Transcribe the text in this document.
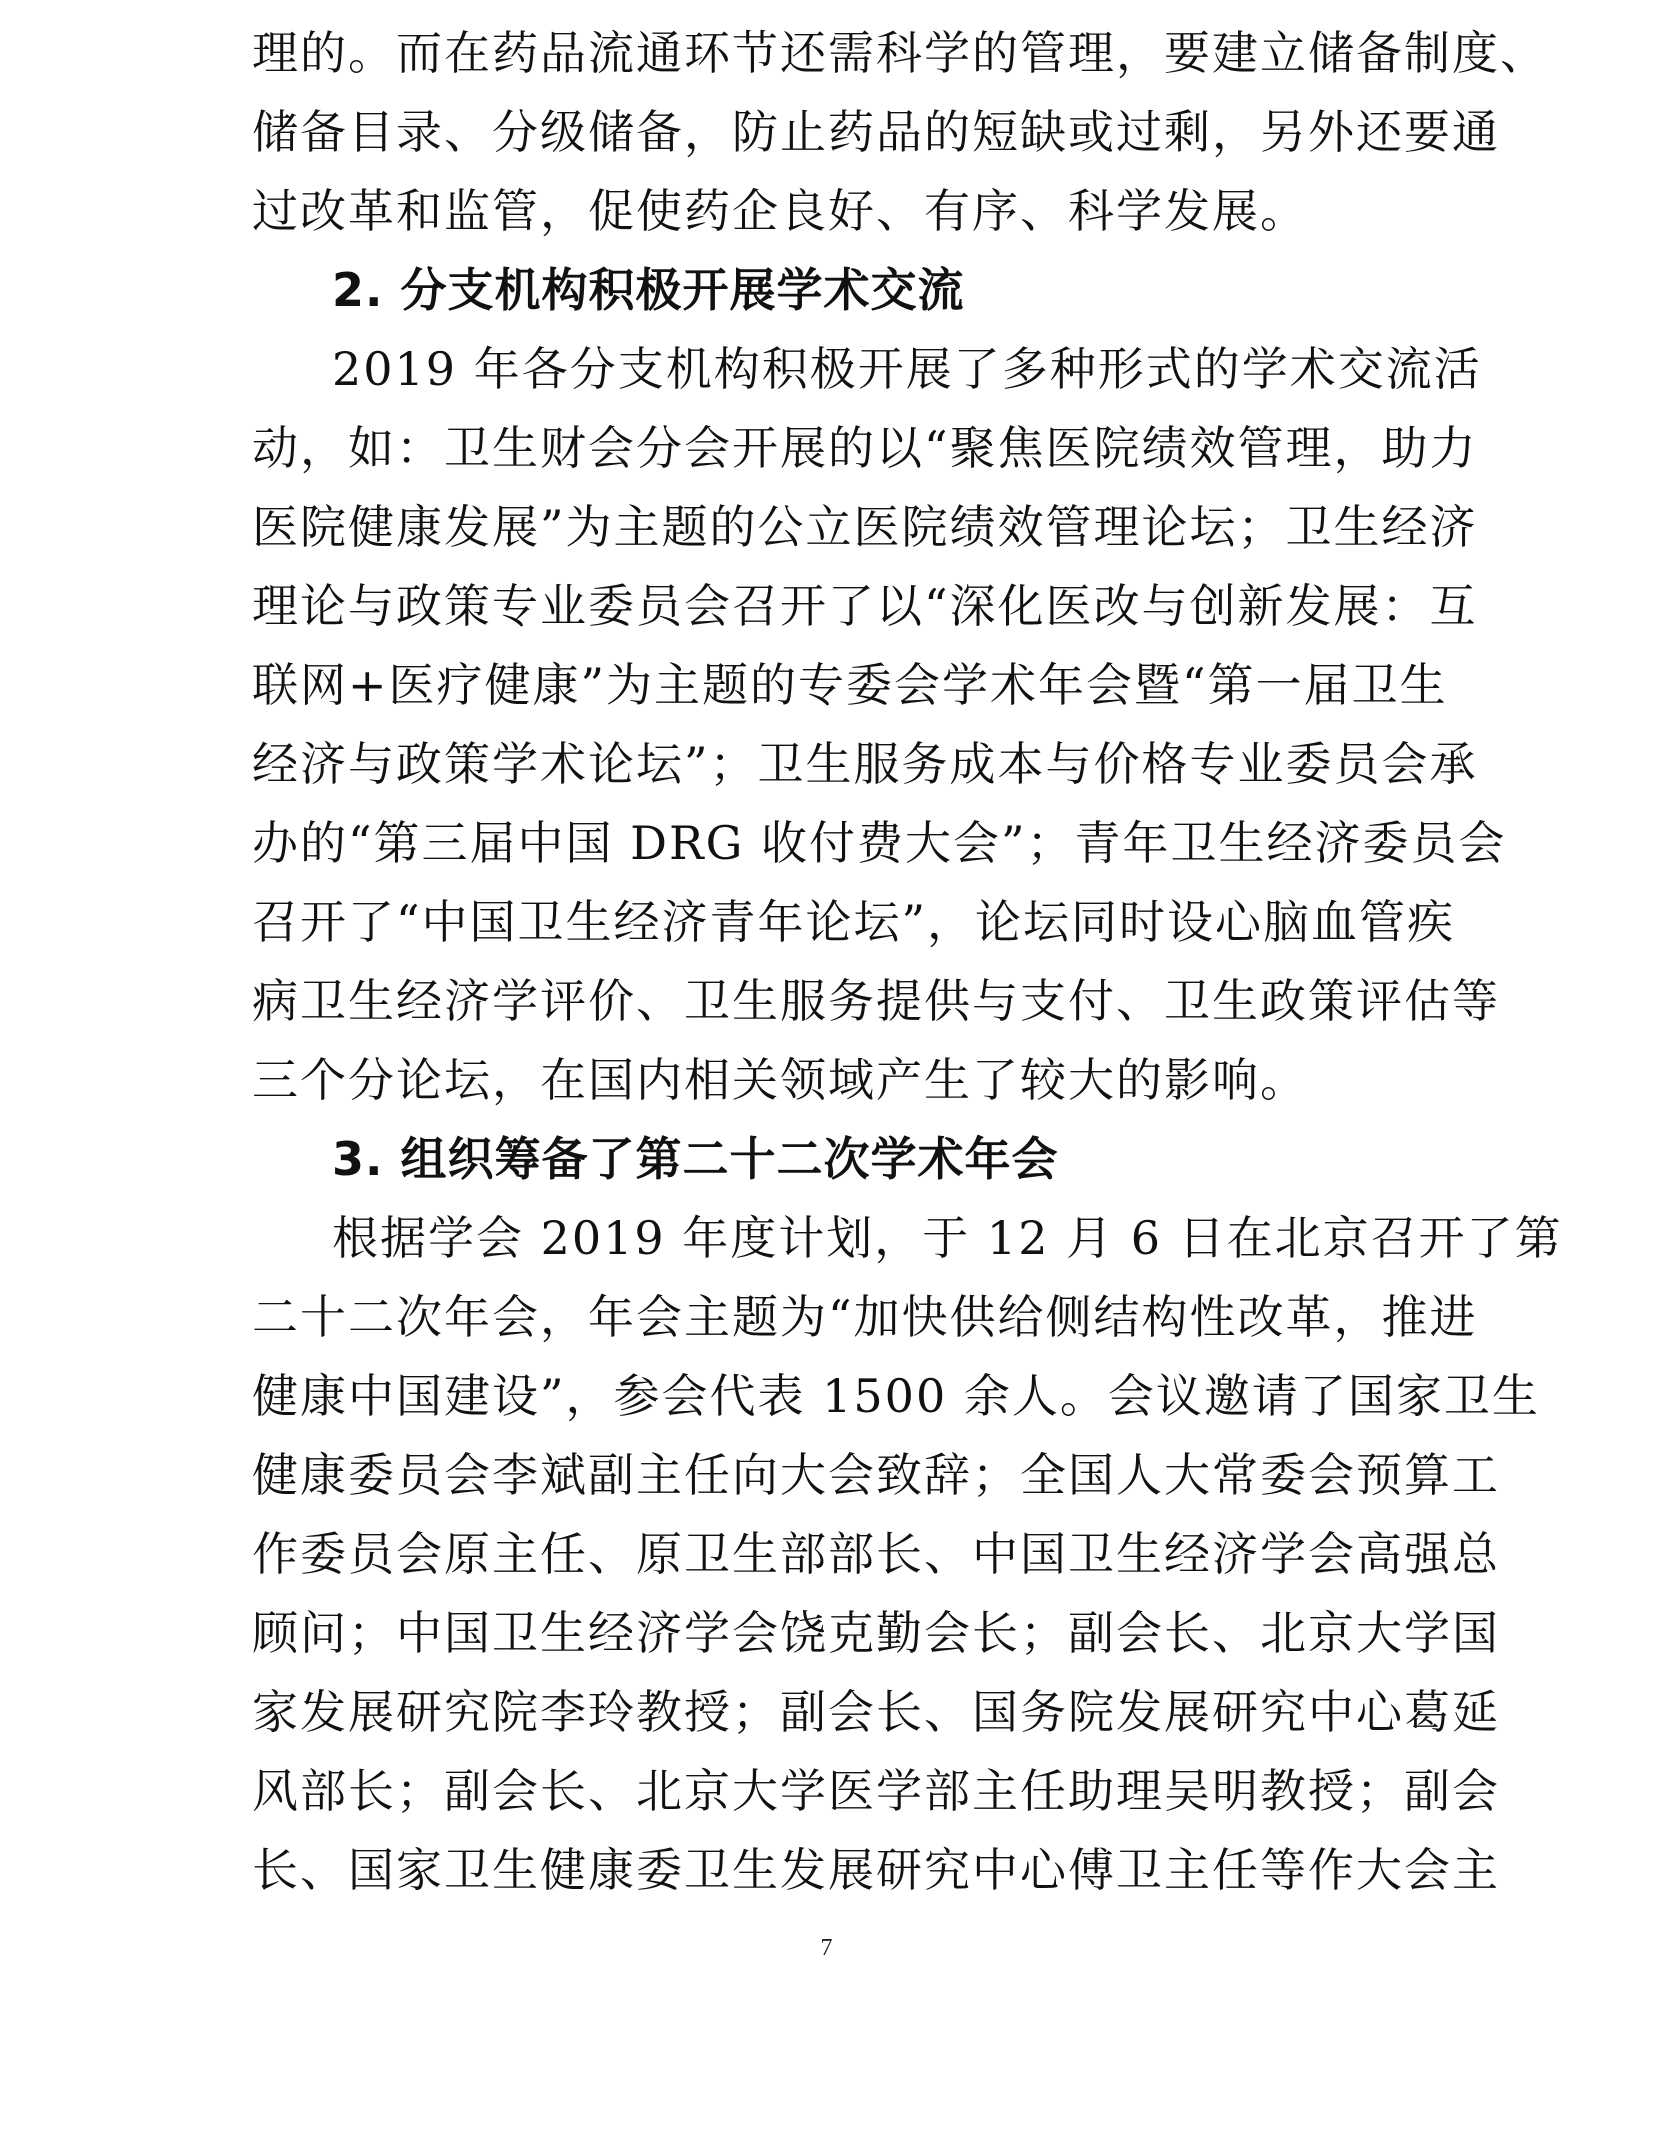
理的。而在药品流通环节还需科学的管理，要建立储备制度、
储备目录、分级储备，防止药品的短缺或过剩，另外还要通
过改革和监管，促使药企良好、有序、科学发展。
2. 分支机构积极开展学术交流
2019 年各分支机构积极开展了多种形式的学术交流活
动，如：卫生财会分会开展的以“聚焦医院绩效管理，助力
医院健康发展”为主题的公立医院绩效管理论坛；卫生经济
理论与政策专业委员会召开了以“深化医改与创新发展：互
联网+医疗健康”为主题的专委会学术年会暨“第一届卫生
经济与政策学术论坛”；卫生服务成本与价格专业委员会承
办的“第三届中国 DRG 收付费大会”；青年卫生经济委员会
召开了“中国卫生经济青年论坛”，论坛同时设心脑血管疾
病卫生经济学评价、卫生服务提供与支付、卫生政策评估等
三个分论坛，在国内相关领域产生了较大的影响。
3. 组织筹备了第二十二次学术年会
根据学会 2019 年度计划，于 12 月 6 日在北京召开了第
二十二次年会，年会主题为“加快供给侧结构性改革，推进
健康中国建设”，参会代表 1500 余人。会议邀请了国家卫生
健康委员会李斌副主任向大会致辞；全国人大常委会预算工
作委员会原主任、原卫生部部长、中国卫生经济学会高强总
顾问；中国卫生经济学会饶克勤会长；副会长、北京大学国
家发展研究院李玲教授；副会长、国务院发展研究中心葛延
风部长；副会长、北京大学医学部主任助理吴明教授；副会
长、国家卫生健康委卫生发展研究中心傅卫主任等作大会主
7
